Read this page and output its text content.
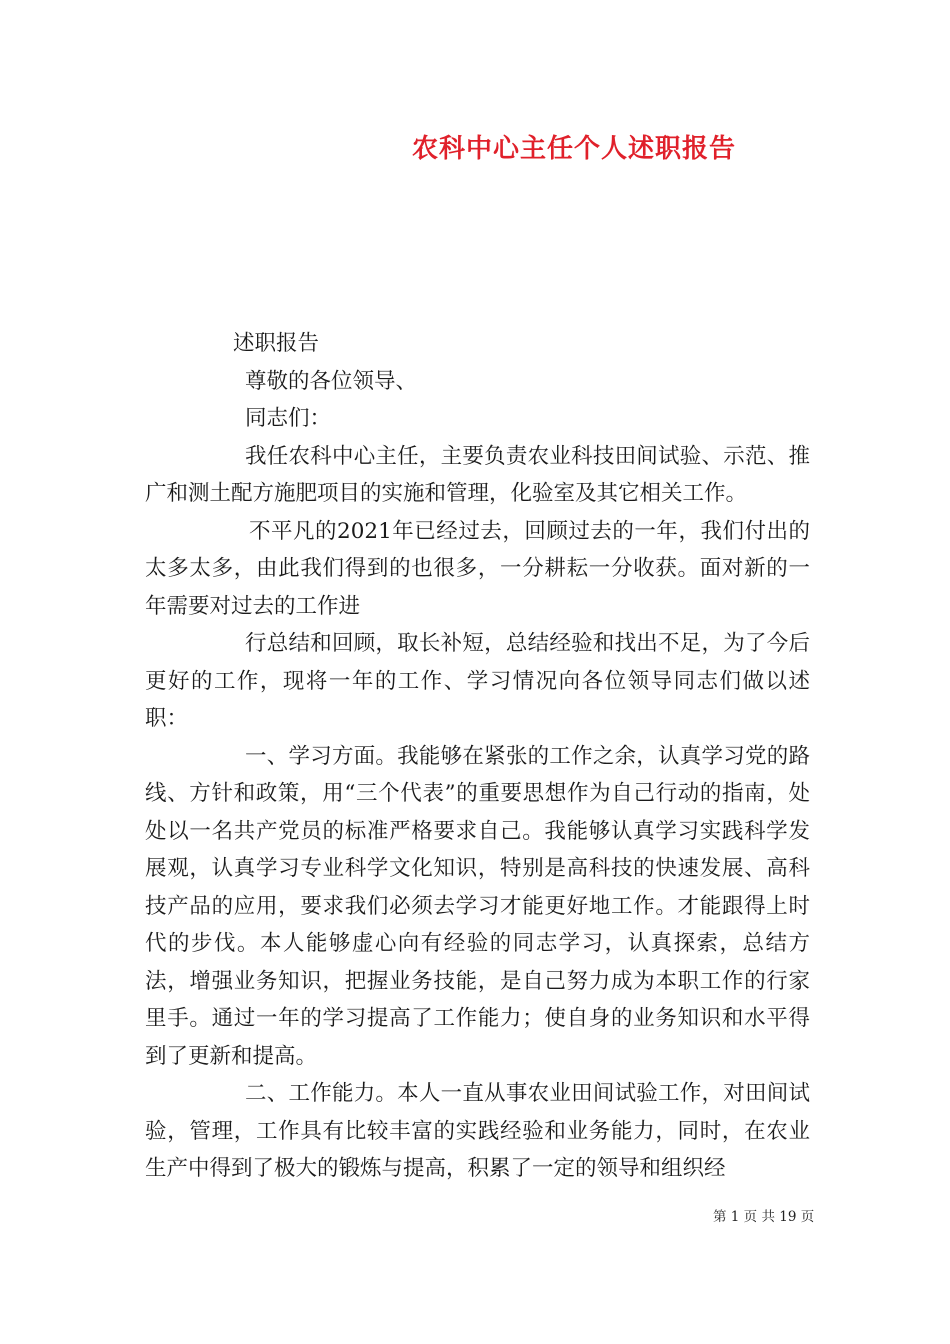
农科中心主任个人述职报告

述职报告

尊敬的各位领导、

同志们：

我任农科中心主任，主要负责农业科技田间试验、示范、推广和测土配方施肥项目的实施和管理，化验室及其它相关工作。

不平凡的2021年已经过去，回顾过去的一年，我们付出的太多太多，由此我们得到的也很多，一分耕耘一分收获。面对新的一年需要对过去的工作进

行总结和回顾，取长补短，总结经验和找出不足，为了今后更好的工作，现将一年的工作、学习情况向各位领导同志们做以述职：

一、学习方面。我能够在紧张的工作之余，认真学习党的路线、方针和政策，用“三个代表”的重要思想作为自己行动的指南，处处以一名共产党员的标准严格要求自己。我能够认真学习实践科学发展观，认真学习专业科学文化知识，特别是高科技的快速发展、高科技产品的应用，要求我们必须去学习才能更好地工作。才能跟得上时代的步伐。本人能够虚心向有经验的同志学习，认真探索，总结方法，增强业务知识，把握业务技能，是自己努力成为本职工作的行家里手。通过一年的学习提高了工作能力；使自身的业务知识和水平得到了更新和提高。

二、工作能力。本人一直从事农业田间试验工作，对田间试验，管理，工作具有比较丰富的实践经验和业务能力，同时，在农业生产中得到了极大的锻炼与提高，积累了一定的领导和组织经

第 1 页 共 19 页
